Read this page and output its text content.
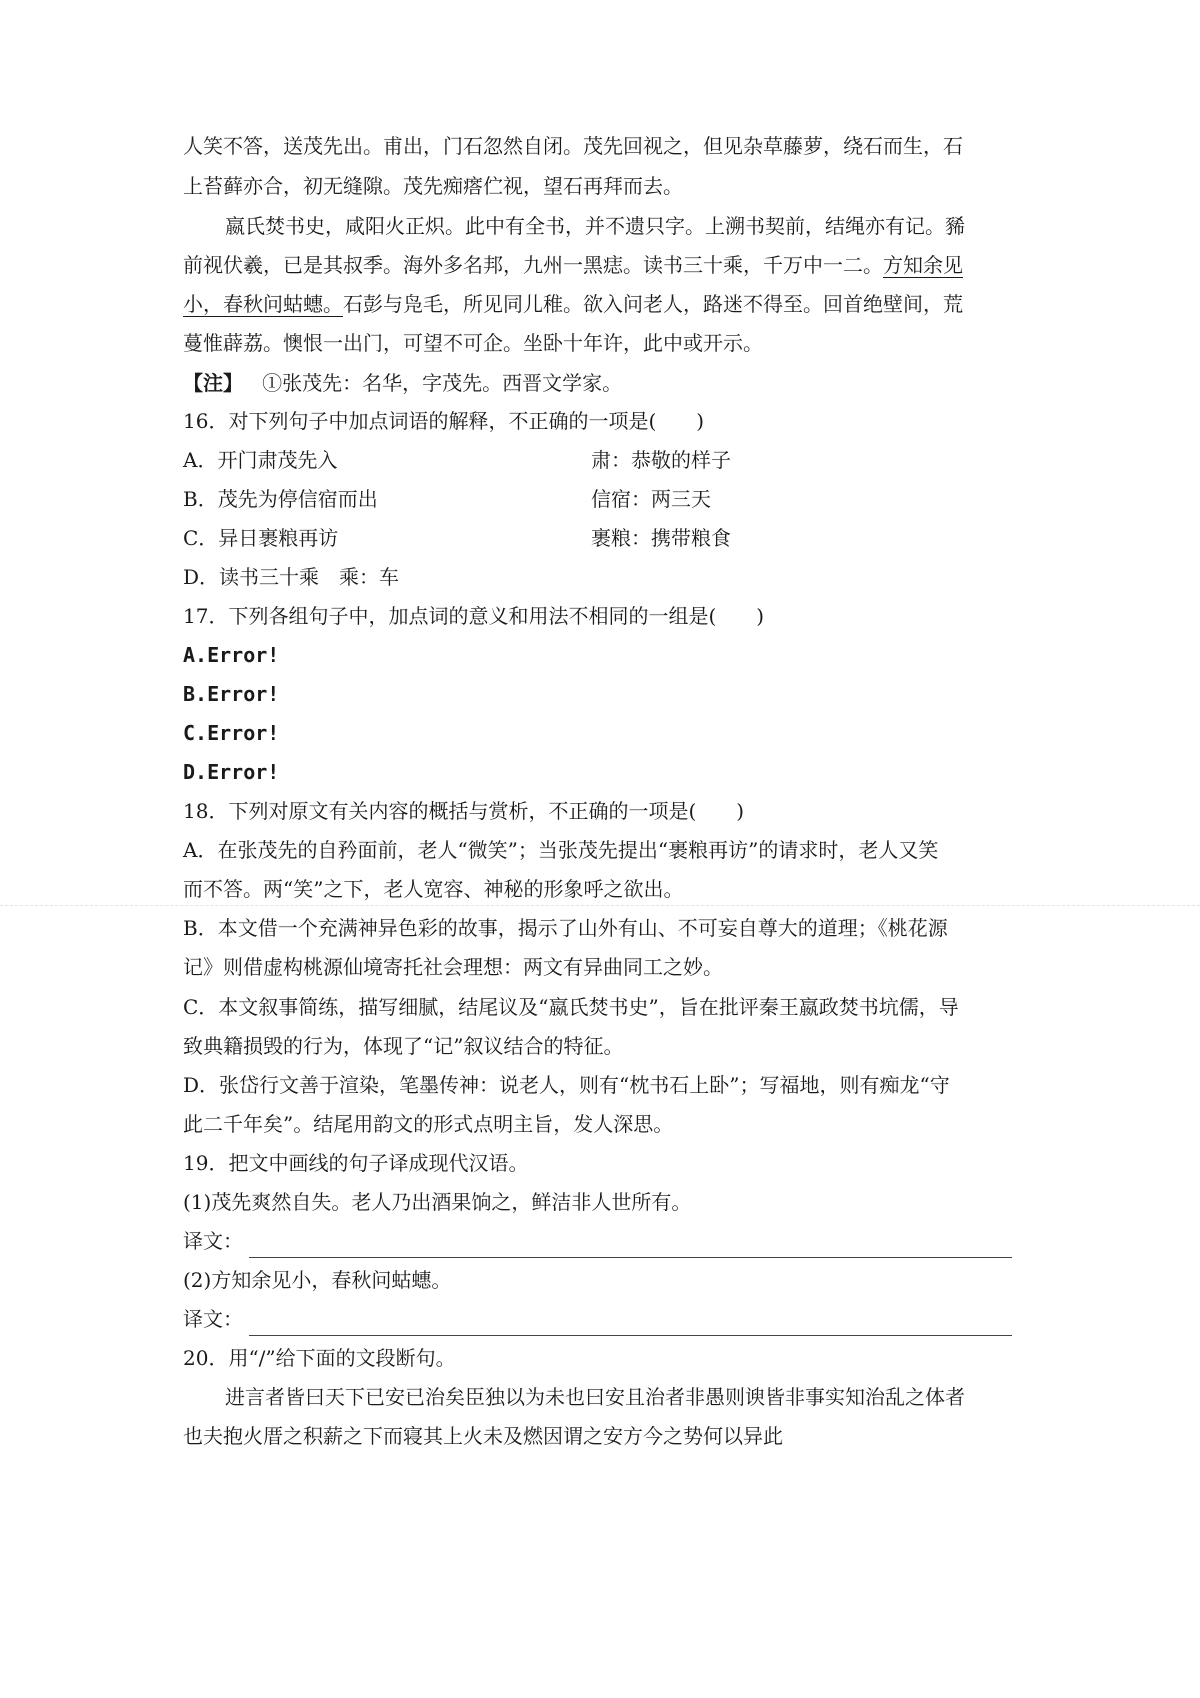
人笑不答，送茂先出。甫出，门石忽然自闭。茂先回视之，但见杂草藤萝，绕石而生，石
上苔藓亦合，初无缝隙。茂先痴瘩伫视，望石再拜而去。
嬴氏焚书史，咸阳火正炽。此中有全书，并不遗只字。上溯书契前，结绳亦有记。豨
前视伏羲，已是其叔季。海外多名邦，九州一黑痣。读书三十乘，千万中一二。方知余见
小，春秋问蛄蟪。石彭与凫毛，所见同儿稚。欲入问老人，路迷不得至。回首绝壁间，荒
蔓惟薜荔。懊恨一出门，可望不可企。坐卧十年许，此中或开示。
【注】 ①张茂先：名华，字茂先。西晋文学家。
16．对下列句子中加点词语的解释，不正确的一项是(　　)
A．开门肃茂先入	肃：恭敬的样子
B．茂先为停信宿而出	信宿：两三天
C．异日裹粮再访	裹粮：携带粮食
D．读书三十乘　乘：车
17．下列各组句子中，加点词的意义和用法不相同的一组是(　　)
A.Error!
B.Error!
C.Error!
D.Error!
18．下列对原文有关内容的概括与赏析，不正确的一项是(　　)
A．在张茂先的自矜面前，老人“微笑”；当张茂先提出“裹粮再访”的请求时，老人又笑
而不答。两“笑”之下，老人宽容、神秘的形象呼之欲出。
B．本文借一个充满神异色彩的故事，揭示了山外有山、不可妄自尊大的道理；《桃花源
记》则借虚构桃源仙境寄托社会理想：两文有异曲同工之妙。
C．本文叙事简练，描写细腻，结尾议及“嬴氏焚书史”，旨在批评秦王嬴政焚书坑儒，导
致典籍损毁的行为，体现了“记”叙议结合的特征。
D．张岱行文善于渲染，笔墨传神：说老人，则有“枕书石上卧”；写福地，则有痴龙“守
此二千年矣”。结尾用韵文的形式点明主旨，发人深思。
19．把文中画线的句子译成现代汉语。
(1)茂先爽然自失。老人乃出酒果饷之，鲜洁非人世所有。
译文：
(2)方知余见小，春秋问蛄蟪。
译文：
20．用“/”给下面的文段断句。
进言者皆曰天下已安已治矣臣独以为未也曰安且治者非愚则谀皆非事实知治乱之体者
也夫抱火厝之积薪之下而寝其上火未及燃因谓之安方今之势何以异此
